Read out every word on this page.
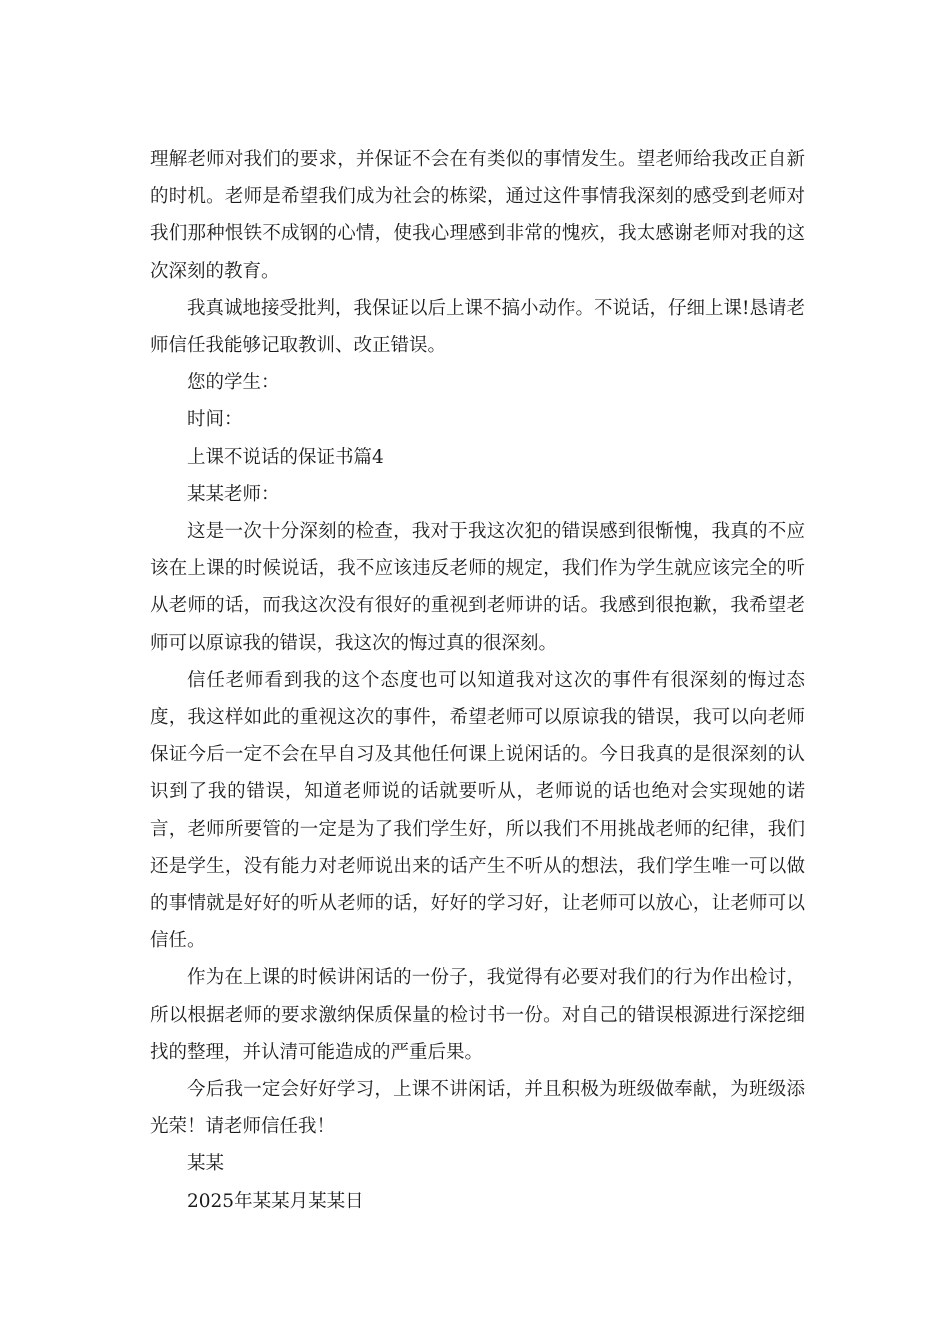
理解老师对我们的要求，并保证不会在有类似的事情发生。望老师给我改正自新的时机。老师是希望我们成为社会的栋梁，通过这件事情我深刻的感受到老师对我们那种恨铁不成钢的心情，使我心理感到非常的愧疚，我太感谢老师对我的这次深刻的教育。

我真诚地接受批判，我保证以后上课不搞小动作。不说话，仔细上课!恳请老师信任我能够记取教训、改正错误。

您的学生：

时间：

上课不说话的保证书篇4

某某老师：

这是一次十分深刻的检查，我对于我这次犯的错误感到很惭愧，我真的不应该在上课的时候说话，我不应该违反老师的规定，我们作为学生就应该完全的听从老师的话，而我这次没有很好的重视到老师讲的话。我感到很抱歉，我希望老师可以原谅我的错误，我这次的悔过真的很深刻。

信任老师看到我的这个态度也可以知道我对这次的事件有很深刻的悔过态度，我这样如此的重视这次的事件，希望老师可以原谅我的错误，我可以向老师保证今后一定不会在早自习及其他任何课上说闲话的。今日我真的是很深刻的认识到了我的错误，知道老师说的话就要听从，老师说的话也绝对会实现她的诺言，老师所要管的一定是为了我们学生好，所以我们不用挑战老师的纪律，我们还是学生，没有能力对老师说出来的话产生不听从的想法，我们学生唯一可以做的事情就是好好的听从老师的话，好好的学习好，让老师可以放心，让老师可以信任。

作为在上课的时候讲闲话的一份子，我觉得有必要对我们的行为作出检讨，所以根据老师的要求激纳保质保量的检讨书一份。对自己的错误根源进行深挖细找的整理，并认清可能造成的严重后果。

今后我一定会好好学习，上课不讲闲话，并且积极为班级做奉献，为班级添光荣！请老师信任我！

某某

2025年某某月某某日
